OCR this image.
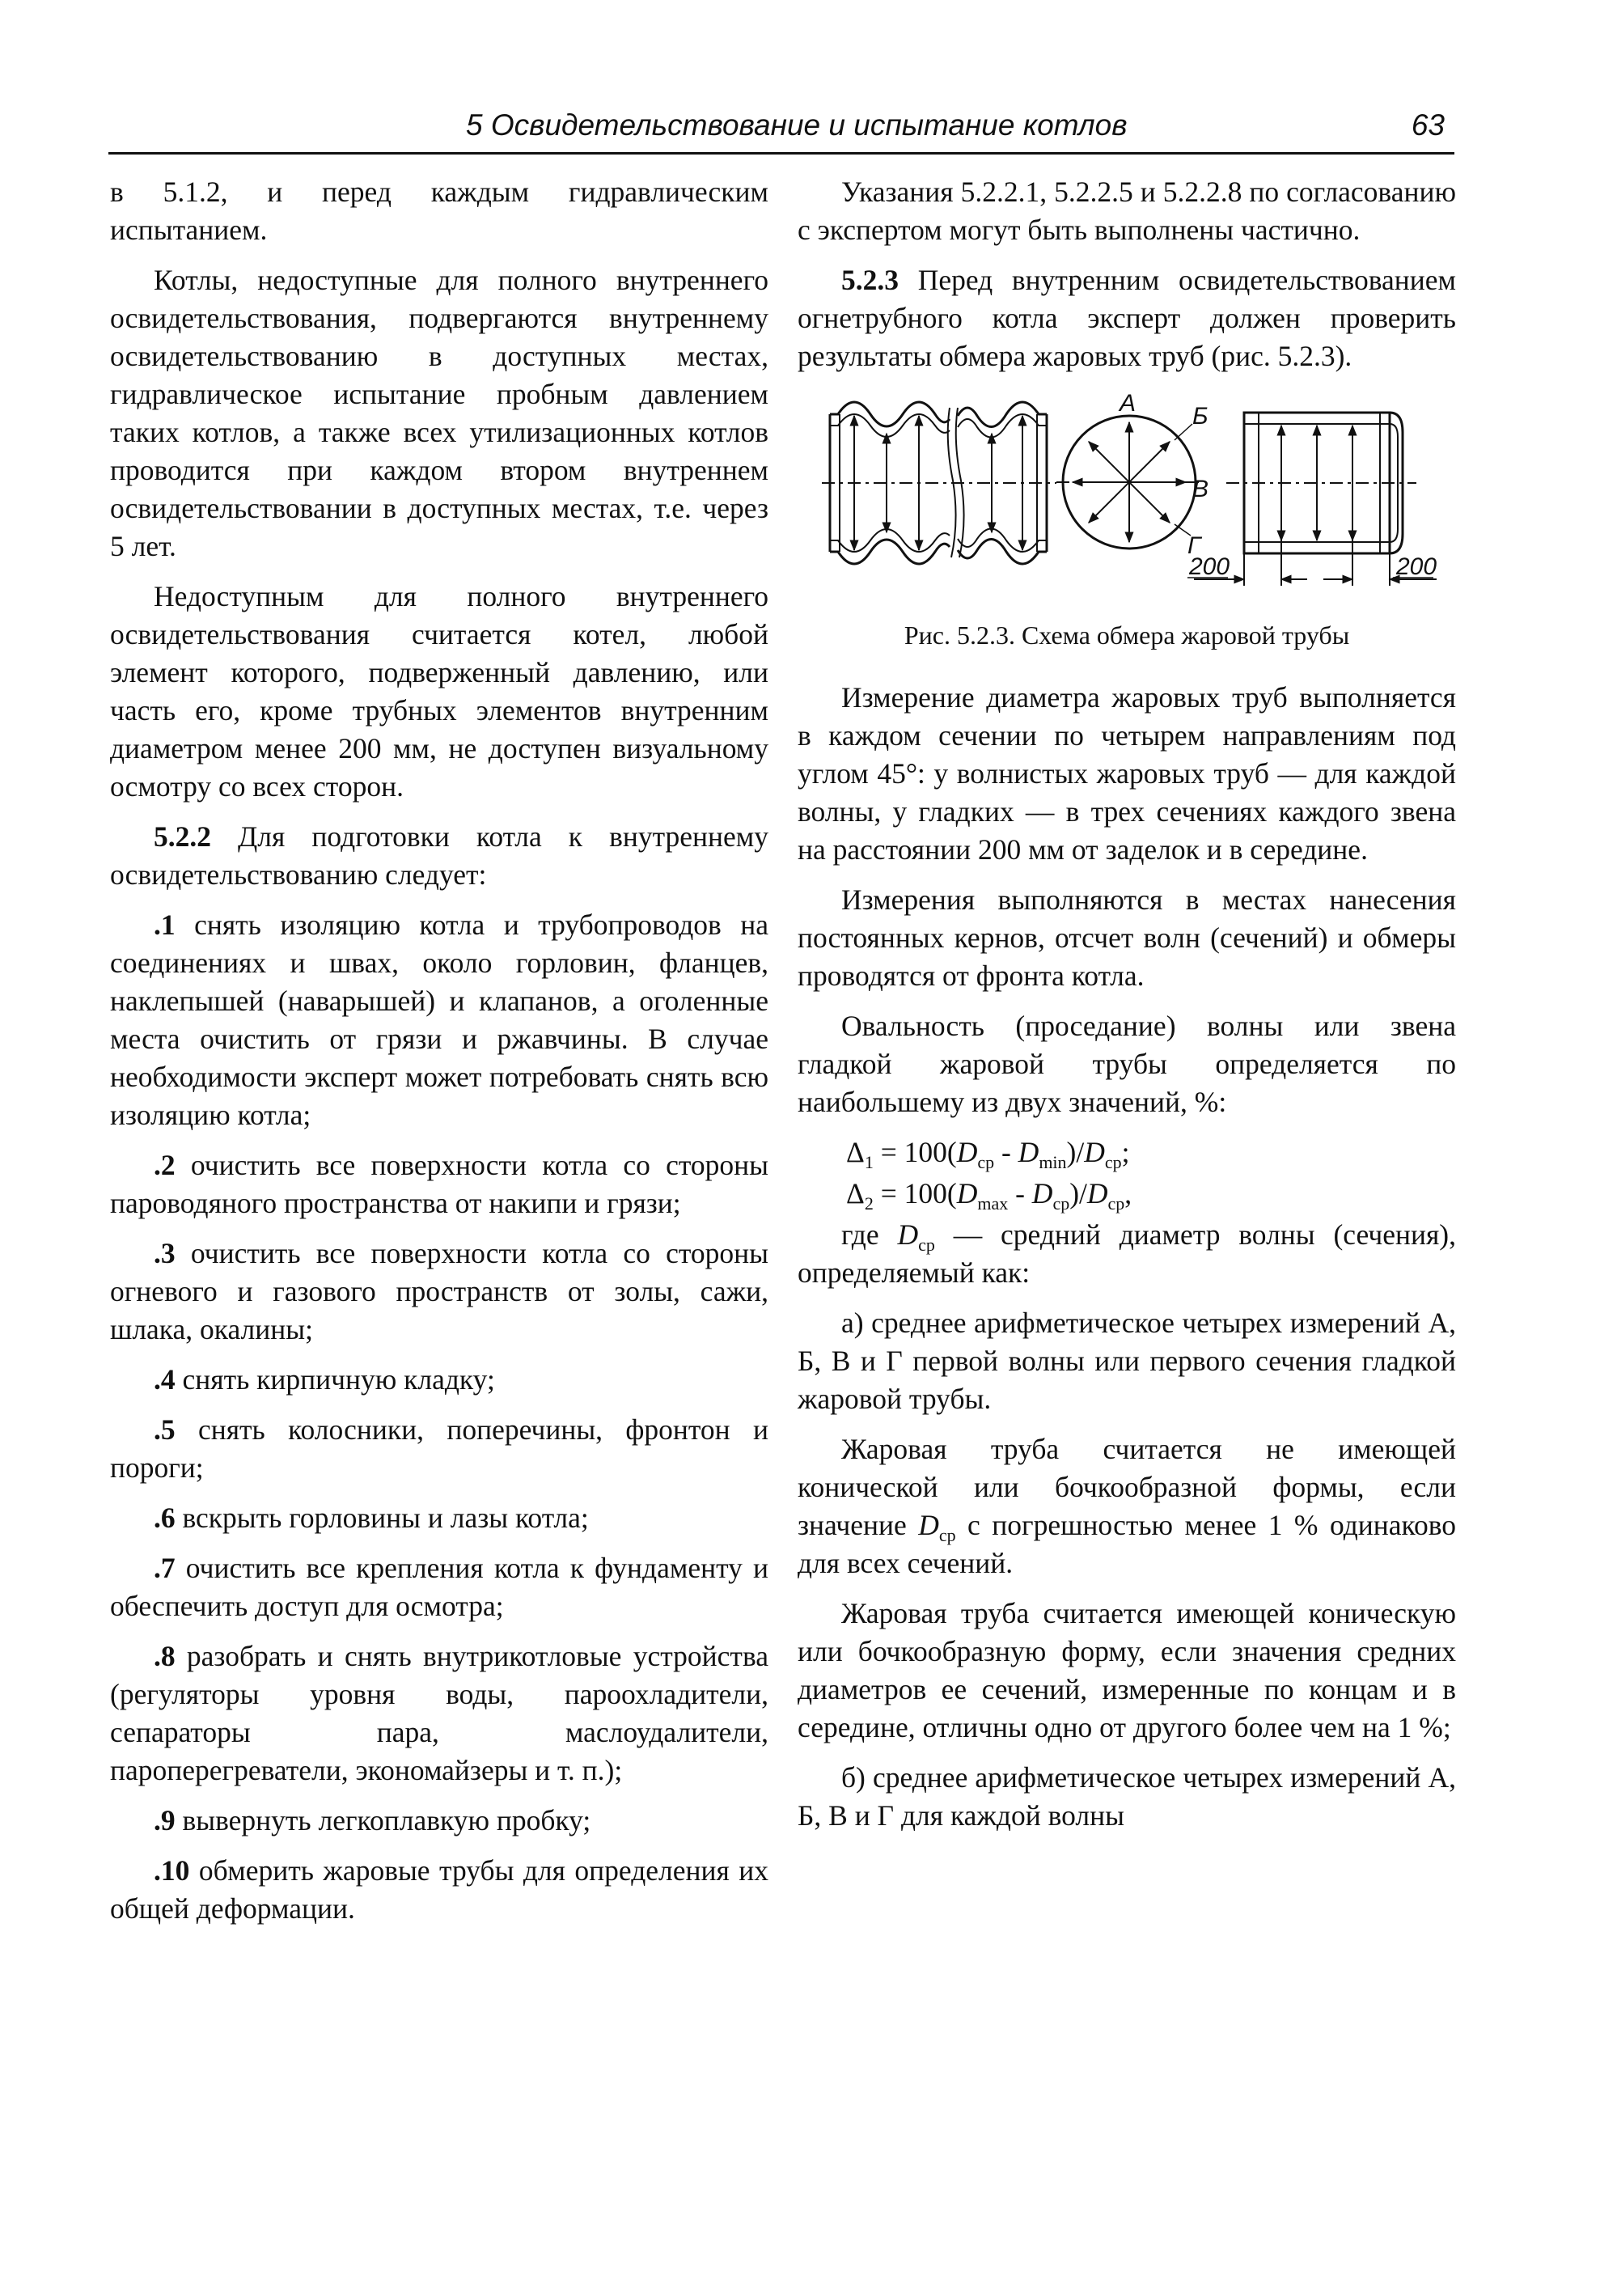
5 Освидетельствование и испытание котлов	63

в 5.1.2, и перед каждым гидравлическим испытанием.

Котлы, недоступные для полного внутреннего освидетельствования, подвергаются внутреннему освидетельствованию в доступных местах, гидравлическое испытание пробным давлением таких котлов, а также всех утилизационных котлов проводится при каждом втором внутреннем освидетельствовании в доступных местах, т.е. через 5 лет.

Недоступным для полного внутреннего освидетельствования считается котел, любой элемент которого, подверженный давлению, или часть его, кроме трубных элементов внутренним диаметром менее 200 мм, не доступен визуальному осмотру со всех сторон.

5.2.2 Для подготовки котла к внутреннему освидетельствованию следует:

.1 снять изоляцию котла и трубопроводов на соединениях и швах, около горловин, фланцев, наклепышей (наварышей) и клапанов, а оголенные места очистить от грязи и ржавчины. В случае необходимости эксперт может потребовать снять всю изоляцию котла;

.2 очистить все поверхности котла со стороны пароводяного пространства от накипи и грязи;

.3 очистить все поверхности котла со стороны огневого и газового пространств от золы, сажи, шлака, окалины;

.4 снять кирпичную кладку;

.5 снять колосники, поперечины, фронтон и пороги;

.6 вскрыть горловины и лазы котла;

.7 очистить все крепления котла к фундаменту и обеспечить доступ для осмотра;

.8 разобрать и снять внутрикотловые устройства (регуляторы уровня воды, пароохладители, сепараторы пара, маслоудалители, пароперегреватели, экономайзеры и т. п.);

.9 вывернуть легкоплавкую пробку;

.10 обмерить жаровые трубы для определения их общей деформации.

Указания 5.2.2.1, 5.2.2.5 и 5.2.2.8 по согласованию с экспертом могут быть выполнены частично.

5.2.3 Перед внутренним освидетельствованием огнетрубного котла эксперт должен проверить результаты обмера жаровых труб (рис. 5.2.3).

А Б
В
Г
200	200

Рис. 5.2.3. Схема обмера жаровой трубы

Измерение диаметра жаровых труб выполняется в каждом сечении по четырем направлениям под углом 45°: у волнистых жаровых труб — для каждой волны, у гладких — в трех сечениях каждого звена на расстоянии 200 мм от заделок и в середине.

Измерения выполняются в местах нанесения постоянных кернов, отсчет волн (сечений) и обмеры проводятся от фронта котла.

Овальность (проседание) волны или звена гладкой жаровой трубы определяется по наибольшему из двух значений, %:

$\Delta_1 = 100(D_{ср} - D_{min})/D_{ср}$;

$\Delta_2 = 100(D_{max} - D_{ср})/D_{ср}$,

где $D_{ср}$ — средний диаметр волны (сечения), определяемый как:

а) среднее арифметическое четырех измерений А, Б, В и Г первой волны или первого сечения гладкой жаровой трубы.

Жаровая труба считается не имеющей конической или бочкообразной формы, если значение $D_{ср}$ с погрешностью менее 1 % одинаково для всех сечений.

Жаровая труба считается имеющей коническую или бочкообразную форму, если значения средних диаметров ее сечений, измеренные по концам и в середине, отличны одно от другого более чем на 1 %;

б) среднее арифметическое четырех измерений А, Б, В и Г для каждой волны
